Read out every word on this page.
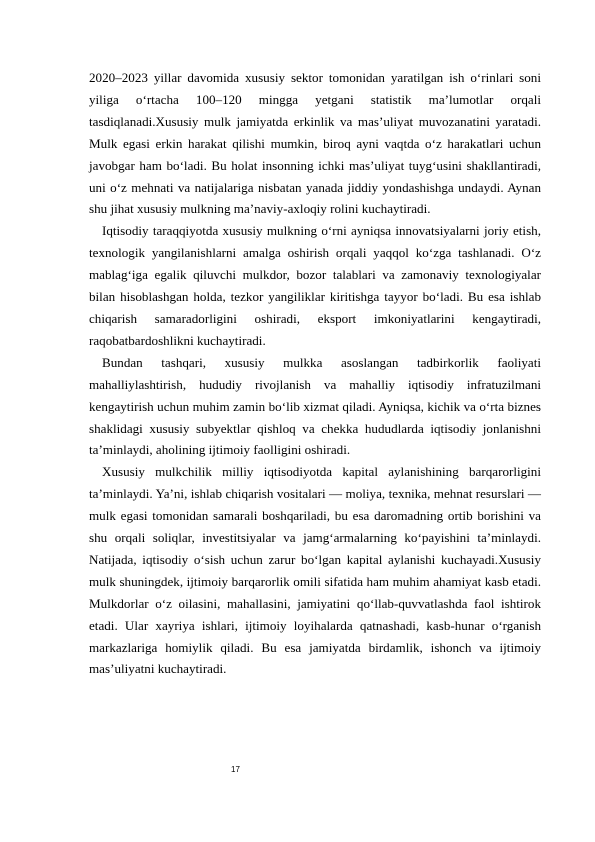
2020–2023 yillar davomida xususiy sektor tomonidan yaratilgan ish o‘rinlari soni yiliga o‘rtacha 100–120 mingga yetgani statistik ma’lumotlar orqali tasdiqlanadi.Xususiy mulk jamiyatda erkinlik va mas’uliyat muvozanatini yaratadi. Mulk egasi erkin harakat qilishi mumkin, biroq ayni vaqtda o‘z harakatlari uchun javobgar ham bo‘ladi. Bu holat insonning ichki mas’uliyat tuyg‘usini shakllantiradi, uni o‘z mehnati va natijalariga nisbatan yanada jiddiy yondashishga undaydi. Aynan shu jihat xususiy mulkning ma’naviy-axloqiy rolini kuchaytiradi.

Iqtisodiy taraqqiyotda xususiy mulkning o‘rni ayniqsa innovatsiyalarni joriy etish, texnologik yangilanishlarni amalga oshirish orqali yaqqol ko‘zga tashlanadi. O‘z mablag‘iga egalik qiluvchi mulkdor, bozor talablari va zamonaviy texnologiyalar bilan hisoblashgan holda, tezkor yangiliklar kiritishga tayyor bo‘ladi. Bu esa ishlab chiqarish samaradorligini oshiradi, eksport imkoniyatlarini kengaytiradi, raqobatbardoshlikni kuchaytiradi.

Bundan tashqari, xususiy mulkka asoslangan tadbirkorlik faoliyati mahalliylashtirish, hududiy rivojlanish va mahalliy iqtisodiy infratuzilmani kengaytirish uchun muhim zamin bo‘lib xizmat qiladi. Ayniqsa, kichik va o‘rta biznes shaklidagi xususiy subyektlar qishloq va chekka hududlarda iqtisodiy jonlanishni ta’minlaydi, aholining ijtimoiy faolligini oshiradi.

Xususiy mulkchilik milliy iqtisodiyotda kapital aylanishining barqarorligini ta’minlaydi. Ya’ni, ishlab chiqarish vositalari — moliya, texnika, mehnat resurslari — mulk egasi tomonidan samarali boshqariladi, bu esa daromadning ortib borishini va shu orqali soliqlar, investitsiyalar va jamg‘armalarning ko‘payishini ta’minlaydi. Natijada, iqtisodiy o‘sish uchun zarur bo‘lgan kapital aylanishi kuchayadi.Xususiy mulk shuningdek, ijtimoiy barqarorlik omili sifatida ham muhim ahamiyat kasb etadi. Mulkdorlar o‘z oilasini, mahallasini, jamiyatini qo‘llab-quvvatlashda faol ishtirok etadi. Ular xayriya ishlari, ijtimoiy loyihalarda qatnashadi, kasb-hunar o‘rganish markazlariga homiylik qiladi. Bu esa jamiyatda birdamlik, ishonch va ijtimoiy mas’uliyatni kuchaytiradi.

17
